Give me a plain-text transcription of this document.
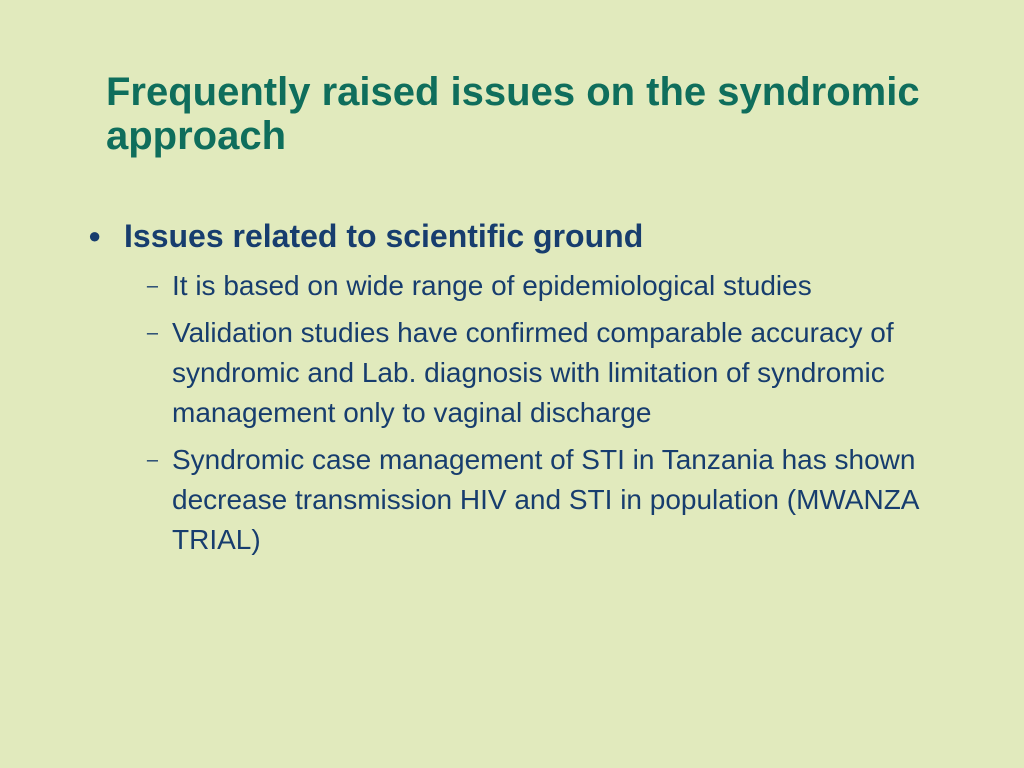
Frequently raised issues on the syndromic approach
● Issues related to scientific ground
– It is based on wide range of epidemiological studies
– Validation studies have confirmed comparable accuracy of syndromic and Lab. diagnosis with limitation of syndromic management only to vaginal discharge
– Syndromic case management of STI in Tanzania has shown decrease transmission HIV and STI in population (MWANZA TRIAL)
